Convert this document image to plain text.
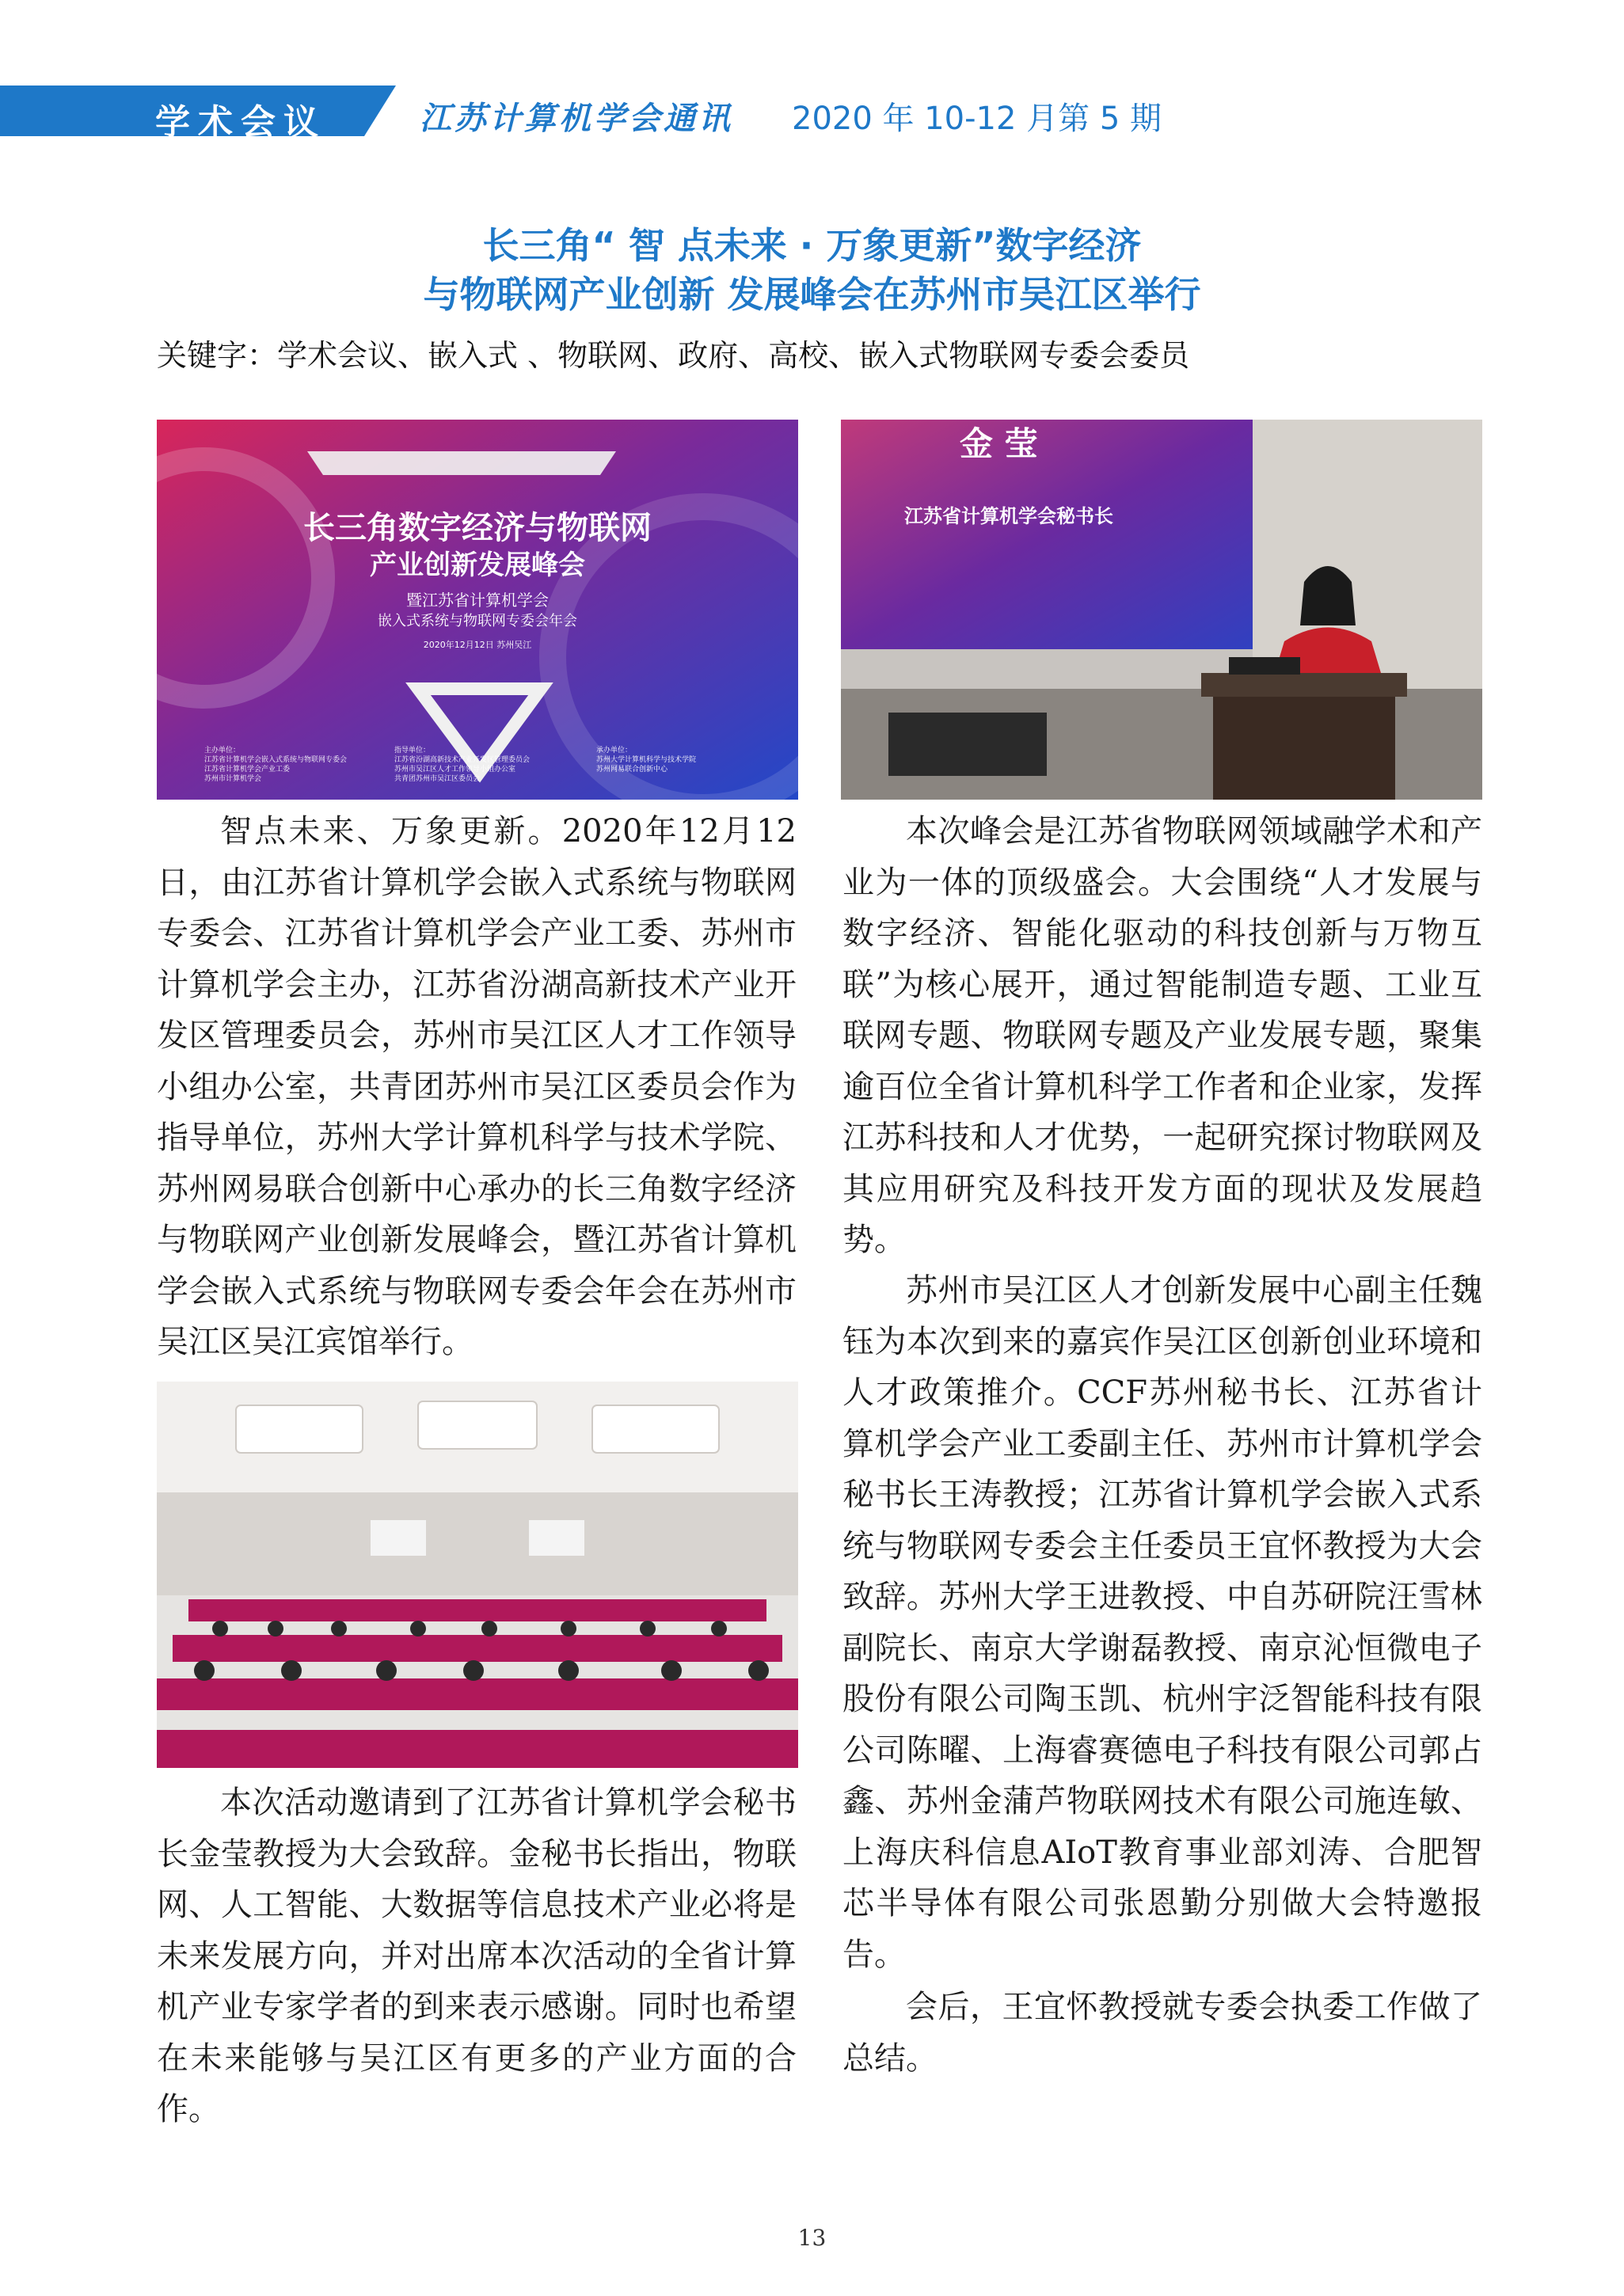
学术会议	江苏计算机学会通讯 2020 年 10-12 月第 5 期
长三角“ 智 点未来 · 万象更新”数字经济
与物联网产业创新 发展峰会在苏州市吴江区举行
关键字：学术会议、嵌入式 、物联网、政府、高校、嵌入式物联网专委会委员
长三角数字经济与物联网
产业创新发展峰会
暨江苏省计算机学会
嵌入式系统与物联网专委会年会
2020年12月12日 苏州吴江
主办单位：
江苏省计算机学会嵌入式系统与物联网专委会
江苏省计算机学会产业工委
苏州市计算机学会
指导单位：
江苏省汾湖高新技术产业开发区管理委员会
苏州市吴江区人才工作领导小组办公室
共青团苏州市吴江区委员会
承办单位：
苏州大学计算机科学与技术学院
苏州网易联合创新中心
金 莹
江苏省计算机学会秘书长

智点未来、万象更新。2020年12月12日，由江苏省计算机学会嵌入式系统与物联网专委会、江苏省计算机学会产业工委、苏州市计算机学会主办，江苏省汾湖高新技术产业开发区管理委员会，苏州市吴江区人才工作领导小组办公室，共青团苏州市吴江区委员会作为指导单位，苏州大学计算机科学与技术学院、苏州网易联合创新中心承办的长三角数字经济与物联网产业创新发展峰会，暨江苏省计算机学会嵌入式系统与物联网专委会年会在苏州市吴江区吴江宾馆举行。

本次活动邀请到了江苏省计算机学会秘书长金莹教授为大会致辞。金秘书长指出，物联网、人工智能、大数据等信息技术产业必将是未来发展方向，并对出席本次活动的全省计算机产业专家学者的到来表示感谢。同时也希望在未来能够与吴江区有更多的产业方面的合作。

本次峰会是江苏省物联网领域融学术和产业为一体的顶级盛会。大会围绕“人才发展与数字经济、智能化驱动的科技创新与万物互联”为核心展开，通过智能制造专题、工业互联网专题、物联网专题及产业发展专题，聚集逾百位全省计算机科学工作者和企业家，发挥江苏科技和人才优势，一起研究探讨物联网及其应用研究及科技开发方面的现状及发展趋势。

苏州市吴江区人才创新发展中心副主任魏钰为本次到来的嘉宾作吴江区创新创业环境和人才政策推介。CCF苏州秘书长、江苏省计算机学会产业工委副主任、苏州市计算机学会秘书长王涛教授；江苏省计算机学会嵌入式系统与物联网专委会主任委员王宜怀教授为大会致辞。苏州大学王进教授、中自苏研院汪雪林副院长、南京大学谢磊教授、南京沁恒微电子股份有限公司陶玉凯、杭州宇泛智能科技有限公司陈曜、上海睿赛德电子科技有限公司郭占鑫、苏州金蒲芦物联网技术有限公司施连敏、上海庆科信息AIoT教育事业部刘涛、合肥智芯半导体有限公司张恩勤分别做大会特邀报告。

会后，王宜怀教授就专委会执委工作做了总结。

13
